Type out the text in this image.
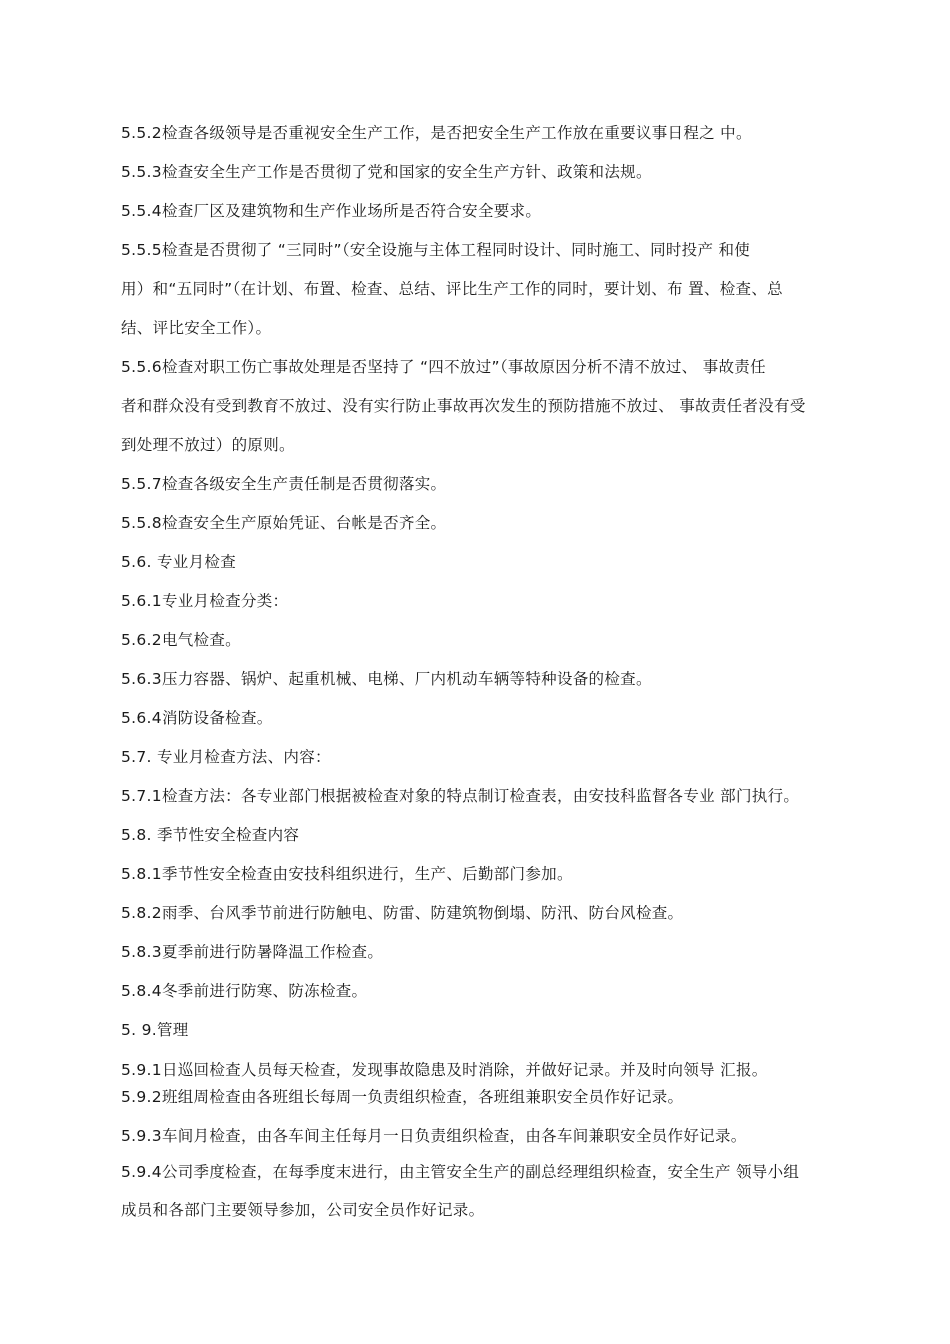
5.5.2检查各级领导是否重视安全生产工作，是否把安全生产工作放在重要议事日程之 中。
5.5.3检查安全生产工作是否贯彻了党和国家的安全生产方针、政策和法规。
5.5.4检查厂区及建筑物和生产作业场所是否符合安全要求。
5.5.5检查是否贯彻了 “三同时”（安全设施与主体工程同时设计、同时施工、同时投产 和使
用）和“五同时”（在计划、布置、检查、总结、评比生产工作的同时，要计划、布 置、检查、总
结、评比安全工作）。
5.5.6检查对职工伤亡事故处理是否坚持了 “四不放过”（事故原因分析不清不放过、 事故责任
者和群众没有受到教育不放过、没有实行防止事故再次发生的预防措施不放过、 事故责任者没有受
到处理不放过）的原则。
5.5.7检查各级安全生产责任制是否贯彻落实。
5.5.8检查安全生产原始凭证、台帐是否齐全。
5.6. 专业月检查
5.6.1专业月检查分类：
5.6.2电气检查。
5.6.3压力容器、锅炉、起重机械、电梯、厂内机动车辆等特种设备的检查。
5.6.4消防设备检查。
5.7. 专业月检查方法、内容：
5.7.1检查方法：各专业部门根据被检查对象的特点制订检查表，由安技科监督各专业 部门执行。
5.8. 季节性安全检查内容
5.8.1季节性安全检查由安技科组织进行，生产、后勤部门参加。
5.8.2雨季、台风季节前进行防触电、防雷、防建筑物倒塌、防汛、防台风检查。
5.8.3夏季前进行防暑降温工作检查。
5.8.4冬季前进行防寒、防冻检查。
5. 9.管理
5.9.1日巡回检查人员每天检查，发现事故隐患及时消除，并做好记录。并及时向领导 汇报。
5.9.2班组周检查由各班组长每周一负责组织检查，各班组兼职安全员作好记录。
5.9.3车间月检查，由各车间主任每月一日负责组织检查，由各车间兼职安全员作好记录。
5.9.4公司季度检查，在每季度末进行，由主管安全生产的副总经理组织检查，安全生产 领导小组
成员和各部门主要领导参加，公司安全员作好记录。
